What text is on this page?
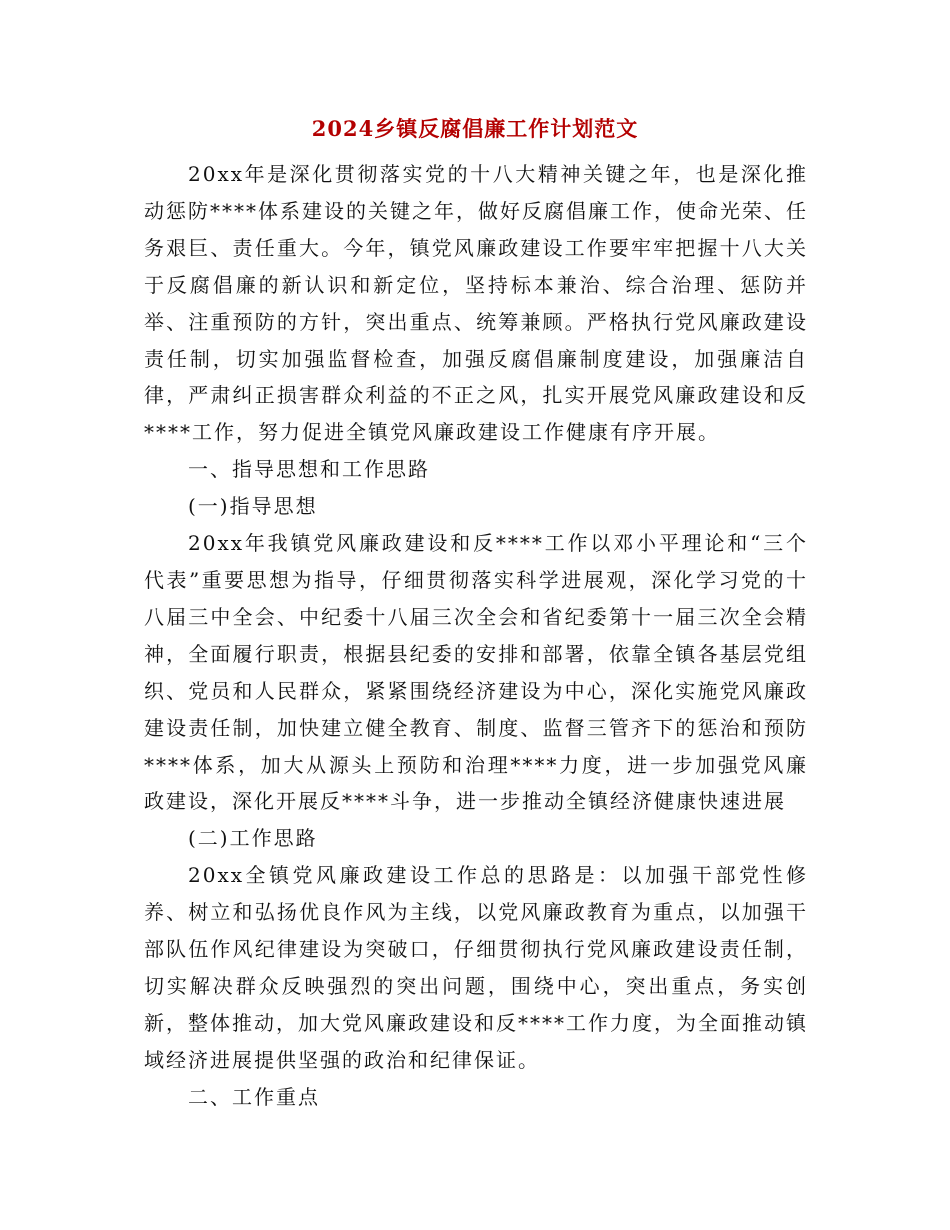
2024乡镇反腐倡廉工作计划范文

20xx年是深化贯彻落实党的十八大精神关键之年，也是深化推动惩防****体系建设的关键之年，做好反腐倡廉工作，使命光荣、任务艰巨、责任重大。今年，镇党风廉政建设工作要牢牢把握十八大关于反腐倡廉的新认识和新定位，坚持标本兼治、综合治理、惩防并举、注重预防的方针，突出重点、统筹兼顾。严格执行党风廉政建设责任制，切实加强监督检查，加强反腐倡廉制度建设，加强廉洁自律，严肃纠正损害群众利益的不正之风，扎实开展党风廉政建设和反****工作，努力促进全镇党风廉政建设工作健康有序开展。

一、指导思想和工作思路

(一)指导思想

20xx年我镇党风廉政建设和反****工作以邓小平理论和“三个代表”重要思想为指导，仔细贯彻落实科学进展观，深化学习党的十八届三中全会、中纪委十八届三次全会和省纪委第十一届三次全会精神，全面履行职责，根据县纪委的安排和部署，依靠全镇各基层党组织、党员和人民群众，紧紧围绕经济建设为中心，深化实施党风廉政建设责任制，加快建立健全教育、制度、监督三管齐下的惩治和预防****体系，加大从源头上预防和治理****力度，进一步加强党风廉政建设，深化开展反****斗争，进一步推动全镇经济健康快速进展

(二)工作思路

20xx全镇党风廉政建设工作总的思路是：以加强干部党性修养、树立和弘扬优良作风为主线，以党风廉政教育为重点，以加强干部队伍作风纪律建设为突破口，仔细贯彻执行党风廉政建设责任制，切实解决群众反映强烈的突出问题，围绕中心，突出重点，务实创新，整体推动，加大党风廉政建设和反****工作力度，为全面推动镇域经济进展提供坚强的政治和纪律保证。

二、工作重点
